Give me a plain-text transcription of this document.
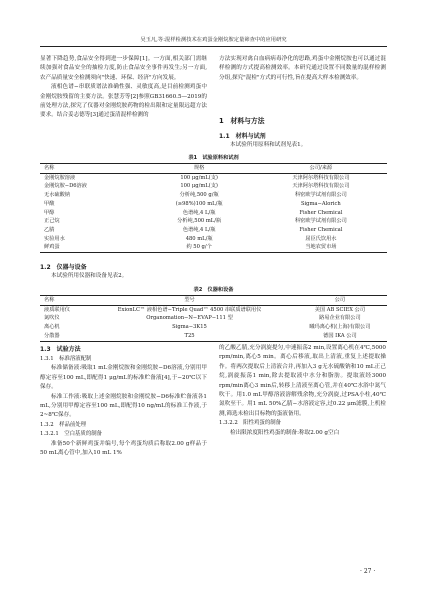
吴玉凡,等:混样检测技术在鸡蛋金刚烷胺定量筛查中的应用研究

显著下降趋势,食品安全得到进一步保障[1]。一方面,相关部门需继续加强对食品安全的抽检力度,防止食品安全事件再发生;另一方面,农产品质量安全检测须向"快速、环保、经济"方向发展。

液相色谱−串联质谱法准确性强、灵敏度高,是目前检测鸡蛋中金刚烷胺残留的主要方法。张慧芳等[2]参照GB31660.5—2019的前处理方法,探究了仪器对金刚烷胺药物的检出限和定量限远超方法要求。结合姜志德等[3]通过蛋清混样检测的

方法实现对禽白血病病毒净化的思路,鸡蛋中金刚烷胺也可以通过混样检测的方式提高检测效率。本研究通过设置不同数量的混样检测分组,探究"混检"方式的可行性,旨在提高大样本检测效率。

1　材料与方法
1.1　材料与试剂
本试验所用原料和试剂见表1。
表1　试验原料和试剂
名称	规格	公司/来源
金刚烷胺溶液	100 μg/mL(支)	天津阿尔塔科技有限公司
金刚烷胺−D6溶液	100 μg/mL(支)	天津阿尔塔科技有限公司
无水硫酸钠	分析纯,500 g/瓶	科密欧学试剂有限公司
甲酸	(≥98%)100 mL/瓶	Sigma−Alorich
甲醇	色谱纯,4 L/瓶	Fisher Chemical
正己烷	分析纯,500 mL/瓶	科密欧学试剂有限公司
乙腈	色谱纯,4 L/瓶	Fisher Chemical
实验用水	480 mL/瓶	屈臣氏饮用水
鲜鸡蛋	约 50 g/个	当地农贸市场
1.2　仪器与设备
本试验所用仪器和设备见表2。
表2　仪器和设备
名称	型号	公司
液质联用仪	ExionLC™ 液相色谱−Triple Quad™ 4500 串联质谱联用仪	美国 AB SCIEX 公司
氮吹仪	Organomation−N−EVAP−111 型	路易企业有限公司
离心机	Sigma−3K15	曦玛离心机(上海)有限公司
分散器	T25	德国 IKA 公司

1.3　试验方法

1.3.1　标准溶液配制

标准储备液:吸取1 mL金刚烷胺和金刚烷胺−D6溶液,分别用甲醇定容至100 mL,即配得1 μg/mL的标准贮备液[4],于−20℃以下保存。

标准工作液:吸取上述金刚烷胺和金刚烷胺−D6标准贮备液各1 mL,分别用甲醇定容至100 mL,即配得10 ng/mL的标准工作液,于2~8℃保存。

1.3.2　样品前处理

1.3.2.1　空白基质的制备

准备50个新鲜鸡蛋并编号,每个鸡蛋均质后称取2.00 g样品于50 mL离心管中,加入10 mL 1%

的乙酸乙腈,充分涡旋提匀,中速振荡2 min,设置离心机在4℃,5000 rpm/min,离心5 min。离心后移液,取出上清液,重复上述提取操作。将两次提取后上清液合并,再加入3 g无水硫酸钠和10 mL正己烷,涡旋振荡1 min,除去提取液中水分和脂肪。提取液经3000 rpm/min离心3 min后,转移上清液至离心管,并在40℃水浴中氮气吹干。用1.0 mL甲醇溶液溶解残余物,充分涡旋,过PSA小柱,40℃氮吹至干。用1 mL 50%乙腈−水溶液定容,过0.22 μm滤膜,上机检测,筛选未检出目标物的蛋液备用。

1.3.2.2　阳性鸡蛋的制备

检出限浓度阳性鸡蛋的制备:称取2.00 g空白

· 27 ·
